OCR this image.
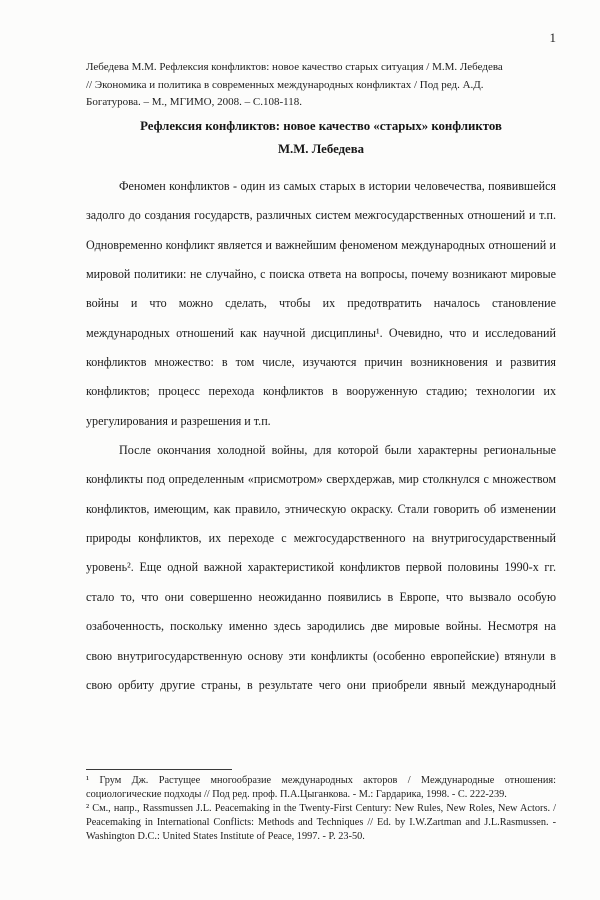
1
Лебедева М.М. Рефлексия конфликтов: новое качество старых ситуация / М.М. Лебедева
// Экономика и политика в современных международных конфликтах / Под ред. А.Д.
Богатурова. – М., МГИМО, 2008. – С.108-118.
Рефлексия конфликтов: новое качество «старых» конфликтов
М.М. Лебедева

Феномен конфликтов - один из самых старых в истории человечества, появившейся задолго до создания государств, различных систем межгосударственных отношений и т.п. Одновременно конфликт является и важнейшим феноменом международных отношений и мировой политики: не случайно, с поиска ответа на вопросы, почему возникают мировые войны и что можно сделать, чтобы их предотвратить началось становление международных отношений как научной дисциплины¹. Очевидно, что и исследований конфликтов множество: в том числе, изучаются причин возникновения и развития конфликтов; процесс перехода конфликтов в вооруженную стадию; технологии их урегулирования и разрешения и т.п.

После окончания холодной войны, для которой были характерны региональные конфликты под определенным «присмотром» сверхдержав, мир столкнулся с множеством конфликтов, имеющим, как правило, этническую окраску. Стали говорить об изменении природы конфликтов, их переходе с межгосударственного на внутригосударственный уровень². Еще одной важной характеристикой конфликтов первой половины 1990-х гг. стало то, что они совершенно неожиданно появились в Европе, что вызвало особую озабоченность, поскольку именно здесь зародились две мировые войны. Несмотря на свою внутригосударственную основу эти конфликты (особенно европейские) втянули в свою орбиту другие страны, в результате чего они приобрели явный международный

¹ Грум Дж. Растущее многообразие международных акторов / Международные отношения: социологические подходы // Под ред. проф. П.А.Цыганкова. - М.: Гардарика, 1998. - С. 222-239.

² См., напр., Rassmussen J.L. Peacemaking in the Twenty-First Century: New Rules, New Roles, New Actors. / Peacemaking in International Conflicts: Methods and Techniques // Ed. by I.W.Zartman and J.L.Rasmussen. - Washington D.C.: United States Institute of Peace, 1997. - P. 23-50.
